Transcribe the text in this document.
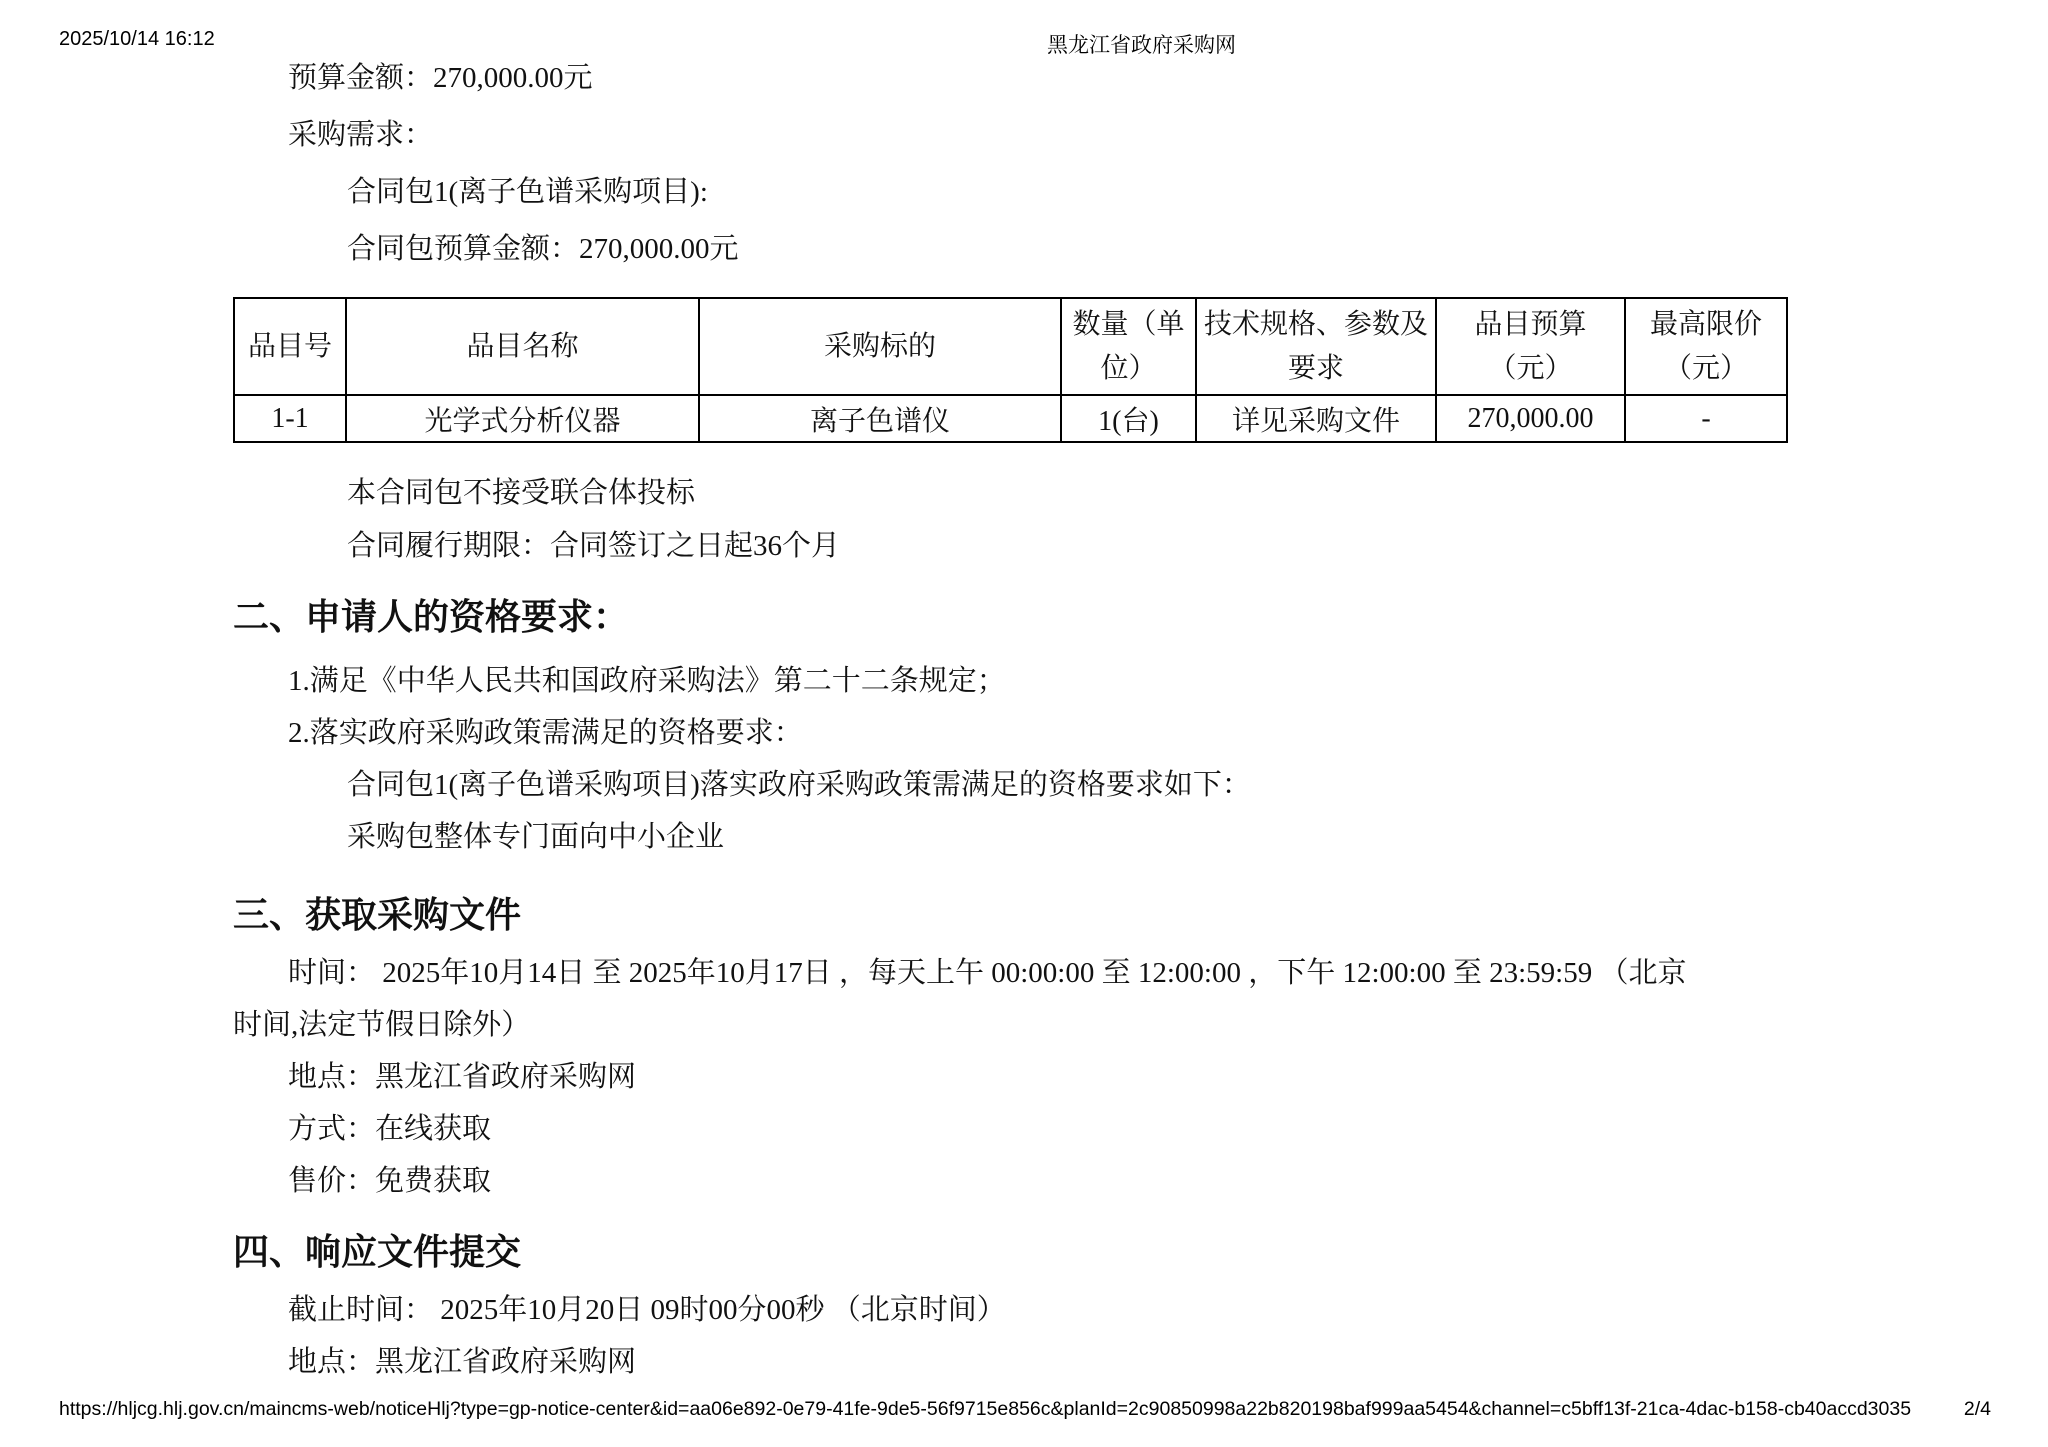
2025/10/14 16:12	黑龙江省政府采购网

预算金额：270,000.00元

采购需求：

合同包1(离子色谱采购项目):

合同包预算金额：270,000.00元

品目号	品目名称	采购标的	数量（单位）	技术规格、参数及要求	品目预算（元）	最高限价（元）
1-1	光学式分析仪器	离子色谱仪	1(台)	详见采购文件	270,000.00	-

本合同包不接受联合体投标

合同履行期限：合同签订之日起36个月

二、申请人的资格要求：

1.满足《中华人民共和国政府采购法》第二十二条规定；

2.落实政府采购政策需满足的资格要求：

合同包1(离子色谱采购项目)落实政府采购政策需满足的资格要求如下：

采购包整体专门面向中小企业

三、获取采购文件

时间： 2025年10月14日 至 2025年10月17日 ，每天上午 00:00:00 至 12:00:00 ，下午 12:00:00 至 23:59:59 （北京

时间,法定节假日除外）

地点：黑龙江省政府采购网

方式：在线获取

售价：免费获取

四、响应文件提交

截止时间： 2025年10月20日 09时00分00秒 （北京时间）

地点：黑龙江省政府采购网

https://hljcg.hlj.gov.cn/maincms-web/noticeHlj?type=gp-notice-center&id=aa06e892-0e79-41fe-9de5-56f9715e856c&planId=2c90850998a22b820198baf999aa5454&channel=c5bff13f-21ca-4dac-b158-cb40accd3035	2/4
